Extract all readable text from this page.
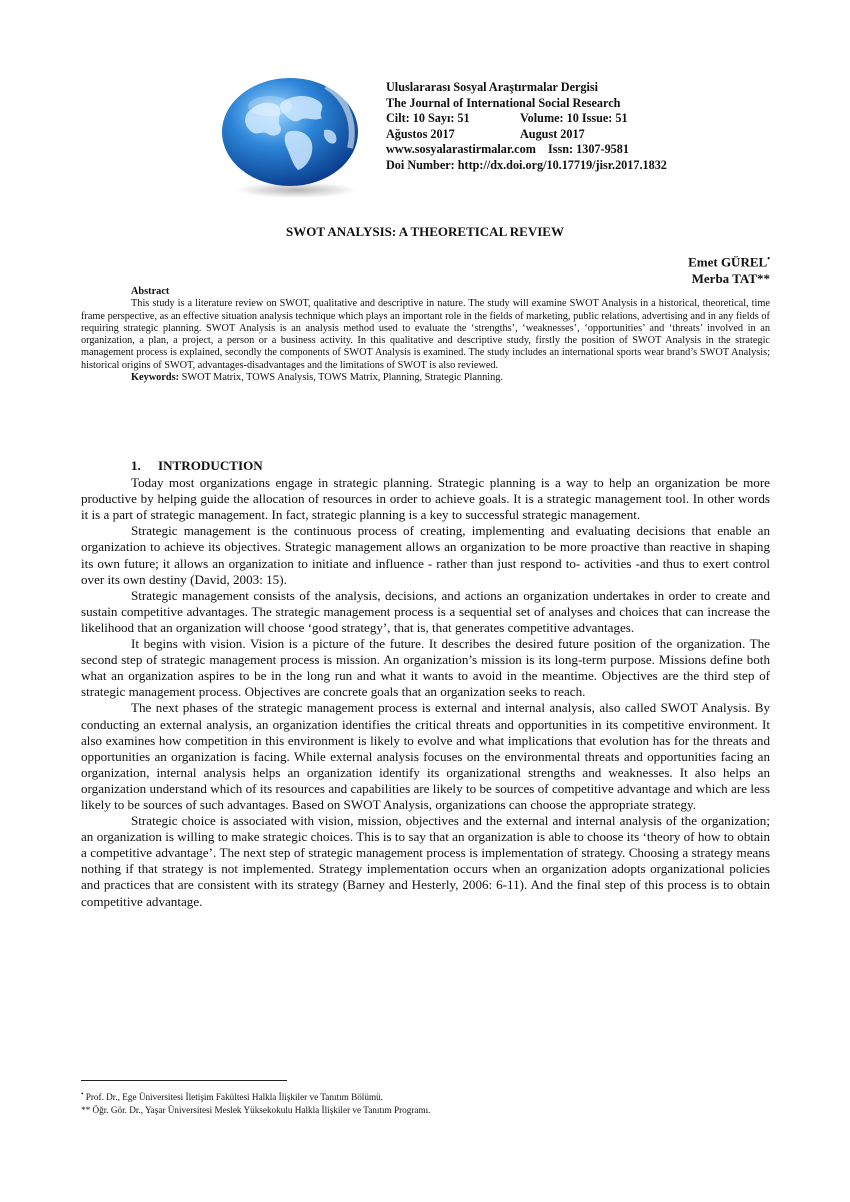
Uluslararası Sosyal Araştırmalar Dergisi
The Journal of International Social Research
Cilt: 10 Sayı: 51	Volume: 10 Issue: 51
Ağustos 2017	August 2017
www.sosyalarastirmalar.com Issn: 1307-9581
Doi Number: http://dx.doi.org/10.17719/jisr.2017.1832
SWOT ANALYSIS: A THEORETICAL REVIEW
Emet GÜREL•
Merba TAT**
Abstract

This study is a literature review on SWOT, qualitative and descriptive in nature. The study will examine SWOT Analysis in a historical, theoretical, time frame perspective, as an effective situation analysis technique which plays an important role in the fields of marketing, public relations, advertising and in any fields of requiring strategic planning. SWOT Analysis is an analysis method used to evaluate the ‘strengths’, ‘weaknesses’, ‘opportunities’ and ‘threats’ involved in an organization, a plan, a project, a person or a business activity. In this qualitative and descriptive study, firstly the position of SWOT Analysis in the strategic management process is explained, secondly the components of SWOT Analysis is examined. The study includes an international sports wear brand’s SWOT Analysis; historical origins of SWOT, advantages-disadvantages and the limitations of SWOT is also reviewed.

Keywords: SWOT Matrix, TOWS Analysis, TOWS Matrix, Planning, Strategic Planning.
1. INTRODUCTION

Today most organizations engage in strategic planning. Strategic planning is a way to help an organization be more productive by helping guide the allocation of resources in order to achieve goals. It is a strategic management tool. In other words it is a part of strategic management. In fact, strategic planning is a key to successful strategic management.

Strategic management is the continuous process of creating, implementing and evaluating decisions that enable an organization to achieve its objectives. Strategic management allows an organization to be more proactive than reactive in shaping its own future; it allows an organization to initiate and influence - rather than just respond to- activities -and thus to exert control over its own destiny (David, 2003: 15).

Strategic management consists of the analysis, decisions, and actions an organization undertakes in order to create and sustain competitive advantages. The strategic management process is a sequential set of analyses and choices that can increase the likelihood that an organization will choose ‘good strategy’, that is, that generates competitive advantages.

It begins with vision. Vision is a picture of the future. It describes the desired future position of the organization. The second step of strategic management process is mission. An organization’s mission is its long-term purpose. Missions define both what an organization aspires to be in the long run and what it wants to avoid in the meantime. Objectives are the third step of strategic management process. Objectives are concrete goals that an organization seeks to reach.

The next phases of the strategic management process is external and internal analysis, also called SWOT Analysis. By conducting an external analysis, an organization identifies the critical threats and opportunities in its competitive environment. It also examines how competition in this environment is likely to evolve and what implications that evolution has for the threats and opportunities an organization is facing. While external analysis focuses on the environmental threats and opportunities facing an organization, internal analysis helps an organization identify its organizational strengths and weaknesses. It also helps an organization understand which of its resources and capabilities are likely to be sources of competitive advantage and which are less likely to be sources of such advantages. Based on SWOT Analysis, organizations can choose the appropriate strategy.

Strategic choice is associated with vision, mission, objectives and the external and internal analysis of the organization; an organization is willing to make strategic choices. This is to say that an organization is able to choose its ‘theory of how to obtain a competitive advantage’. The next step of strategic management process is implementation of strategy. Choosing a strategy means nothing if that strategy is not implemented. Strategy implementation occurs when an organization adopts organizational policies and practices that are consistent with its strategy (Barney and Hesterly, 2006: 6-11). And the final step of this process is to obtain competitive advantage.

• Prof. Dr., Ege Üniversitesi İletişim Fakültesi Halkla İlişkiler ve Tanıtım Bölümü.
** Öğr. Gör. Dr., Yaşar Üniversitesi Meslek Yüksekokulu Halkla İlişkiler ve Tanıtım Programı.
